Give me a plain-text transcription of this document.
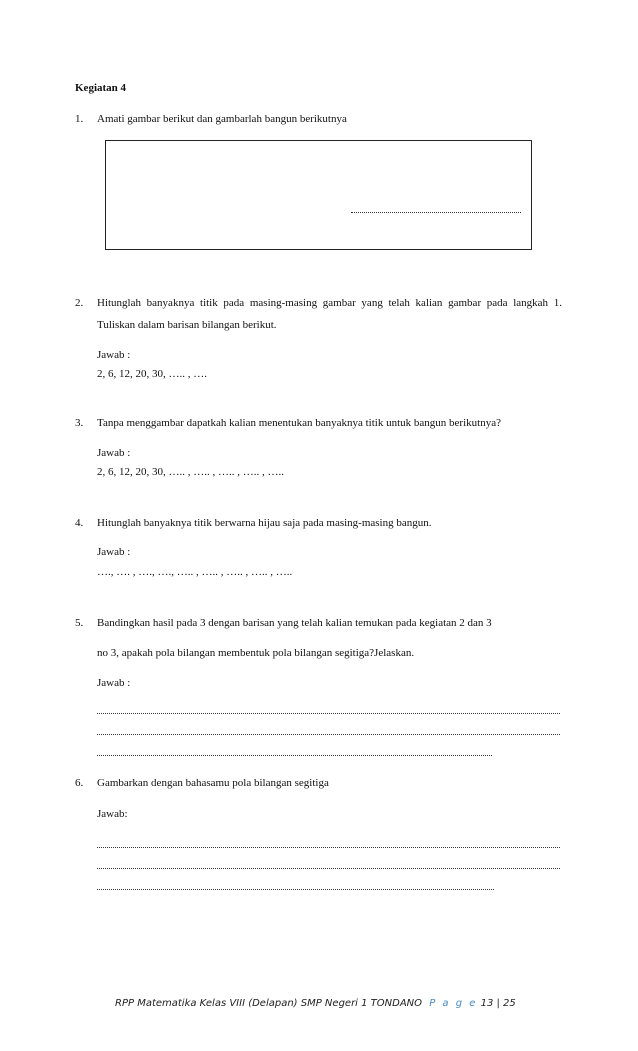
Kegiatan 4
1. Amati gambar berikut dan gambarlah bangun berikutnya
2. Hitunglah banyaknya titik pada masing-masing gambar yang telah kalian gambar pada langkah 1.
Tuliskan dalam barisan bilangan berikut.
Jawab :
2, 6, 12, 20, 30, ….. , ….
3. Tanpa menggambar dapatkah kalian menentukan banyaknya titik untuk bangun berikutnya?
Jawab :
2, 6, 12, 20, 30, ….. , ….. , ….. , ….. , …..
4. Hitunglah banyaknya titik berwarna hijau saja pada masing-masing bangun.
Jawab :
…., …. , …., …., ….. , ….. , ….. , ….. , …..
5. Bandingkan hasil pada 3 dengan barisan yang telah kalian temukan pada kegiatan 2 dan 3
no 3, apakah pola bilangan membentuk pola bilangan segitiga?Jelaskan.
Jawab :
6. Gambarkan dengan bahasamu pola bilangan segitiga
Jawab:
RPP Matematika Kelas VIII (Delapan) SMP Negeri 1 TONDANO P a g e 13 | 25
